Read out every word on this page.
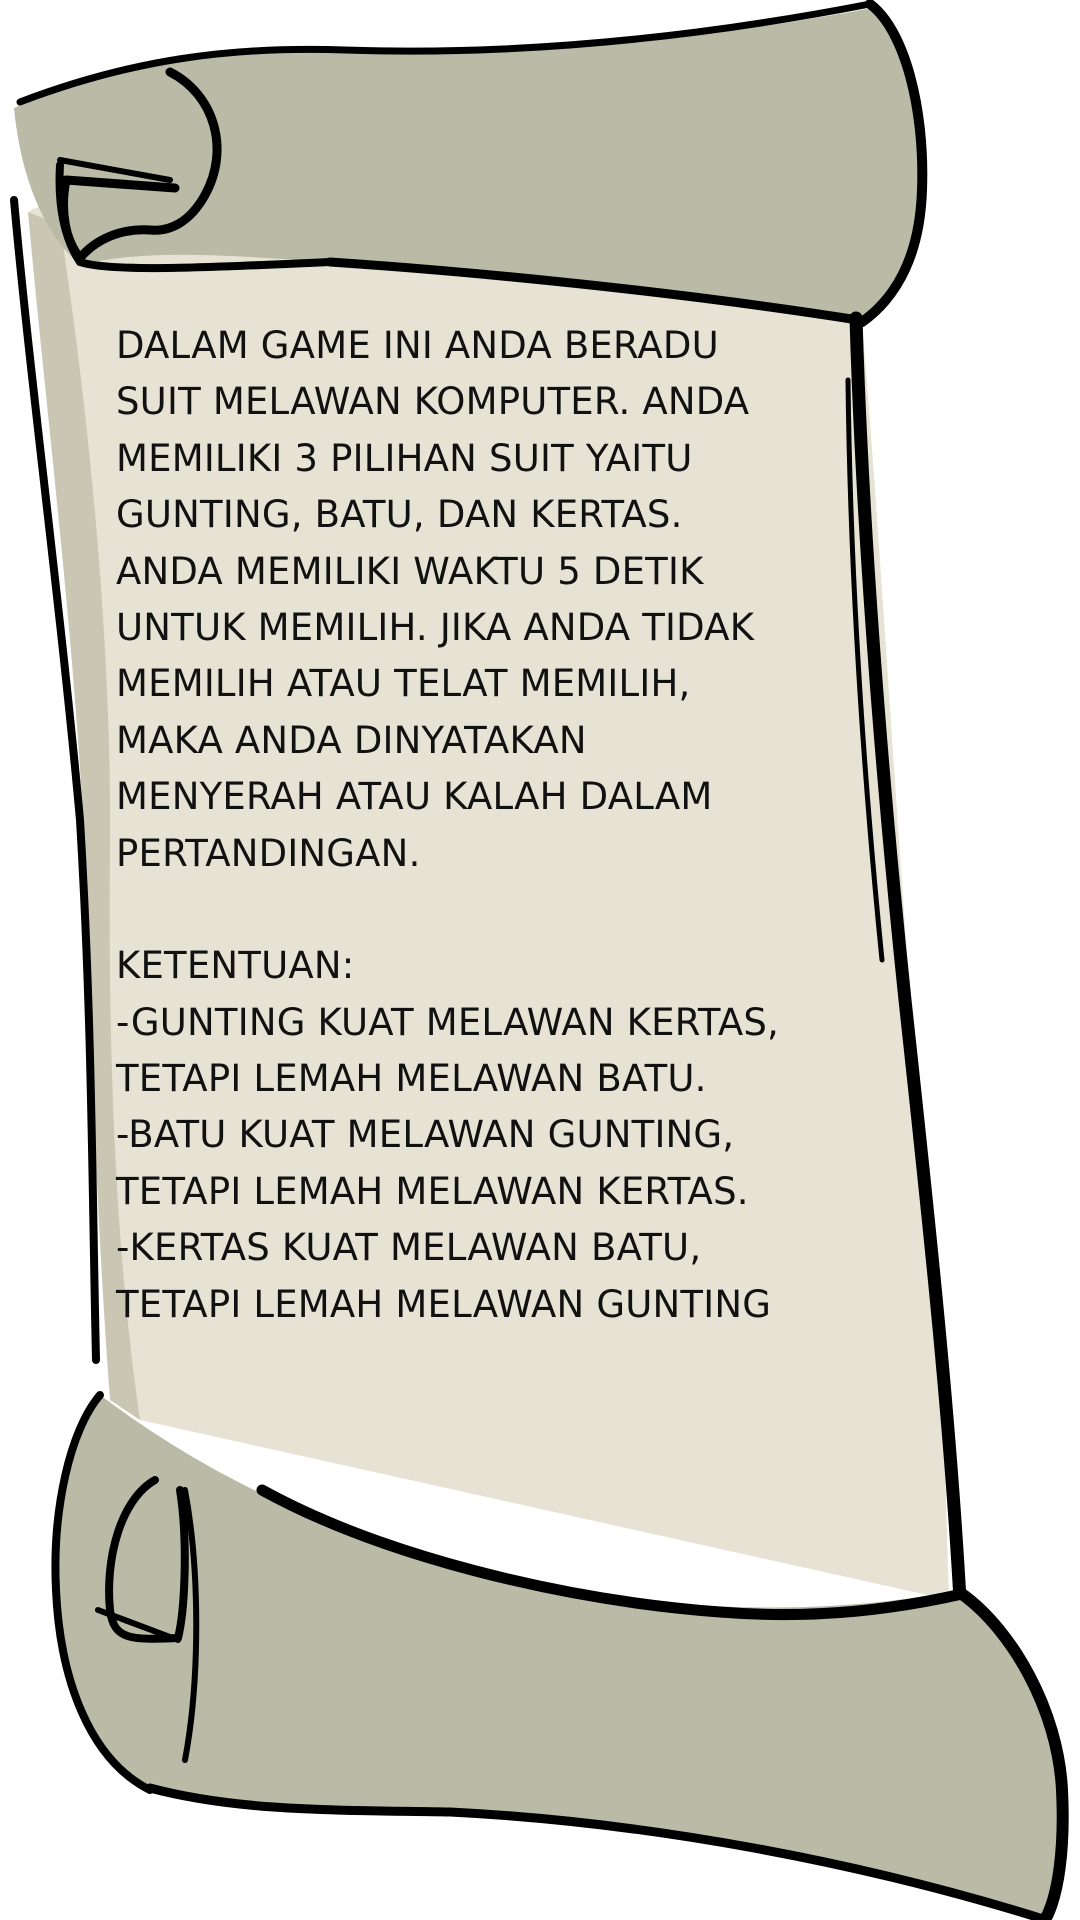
DALAM GAME INI ANDA BERADU
SUIT MELAWAN KOMPUTER. ANDA
MEMILIKI 3 PILIHAN SUIT YAITU
GUNTING, BATU, DAN KERTAS.
ANDA MEMILIKI WAKTU 5 DETIK
UNTUK MEMILIH. JIKA ANDA TIDAK
MEMILIH ATAU TELAT MEMILIH,
MAKA ANDA DINYATAKAN
MENYERAH ATAU KALAH DALAM
PERTANDINGAN.
KETENTUAN:
-GUNTING KUAT MELAWAN KERTAS,
TETAPI LEMAH MELAWAN BATU.
-BATU KUAT MELAWAN GUNTING,
TETAPI LEMAH MELAWAN KERTAS.
-KERTAS KUAT MELAWAN BATU,
TETAPI LEMAH MELAWAN GUNTING
